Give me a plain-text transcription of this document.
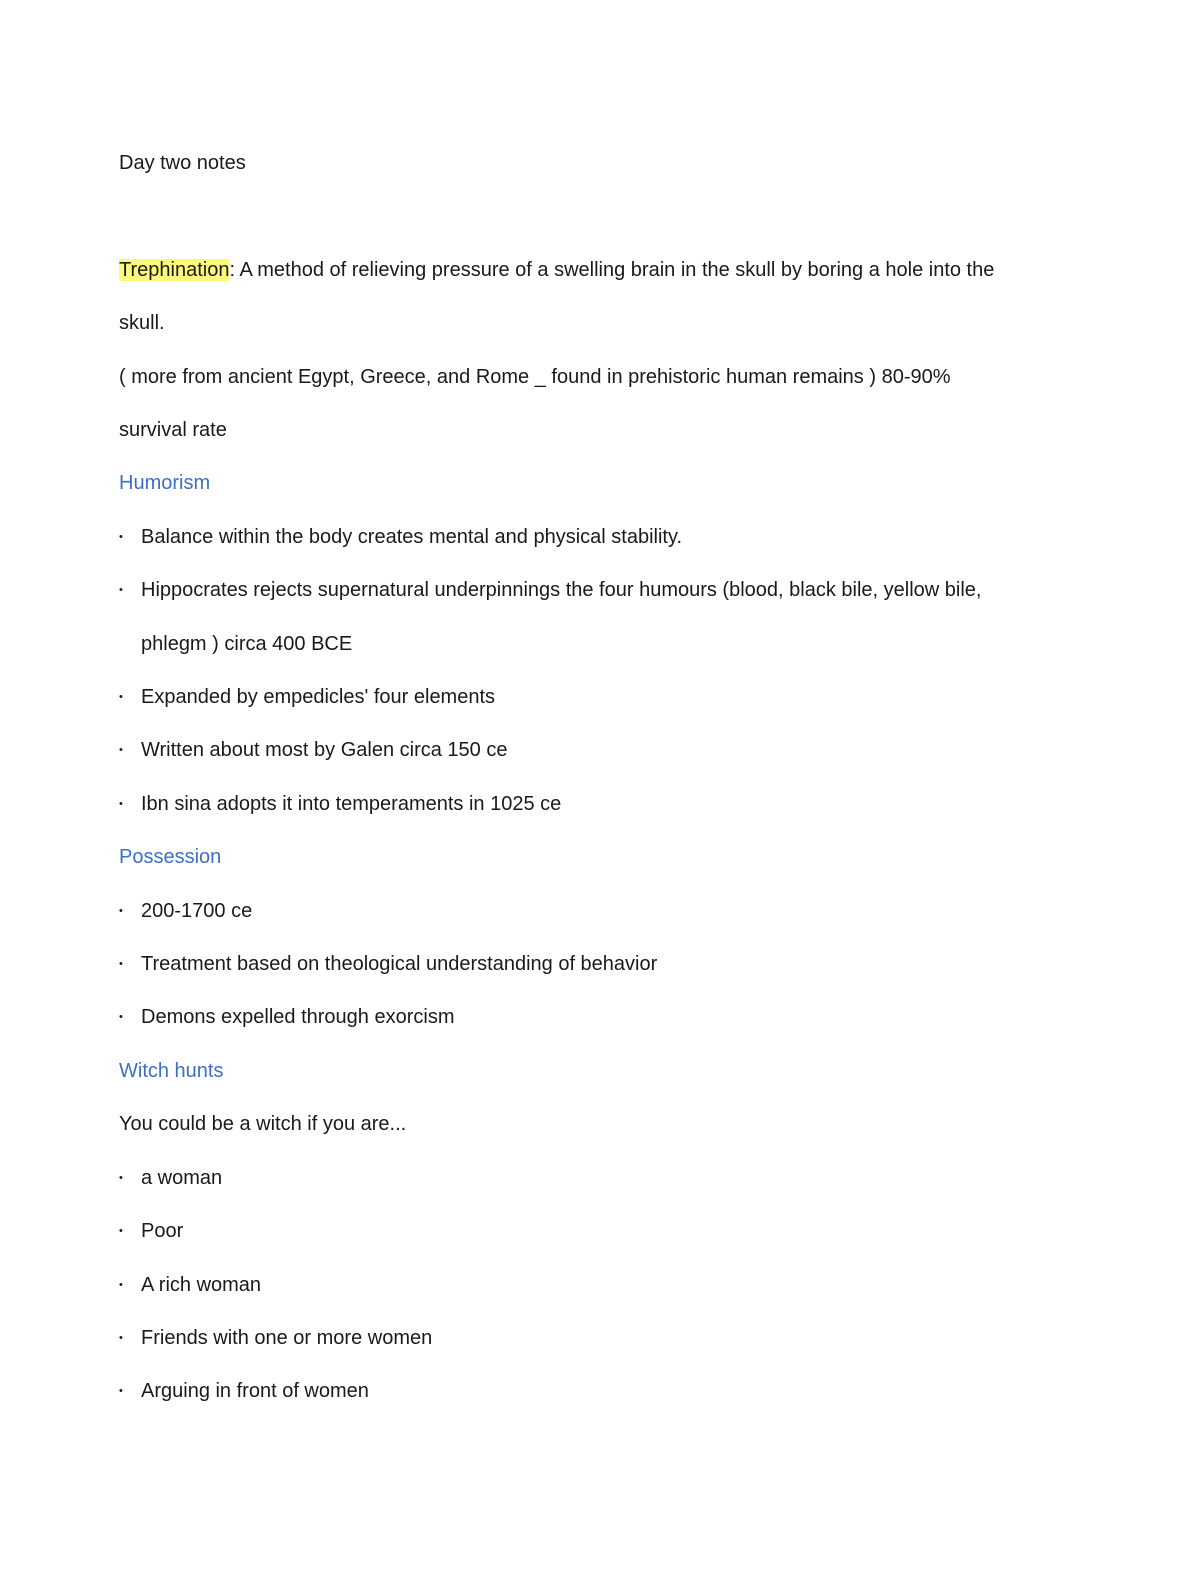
Day two notes

Trephination: A method of relieving pressure of a swelling brain in the skull by boring a hole into the

skull.

( more from ancient Egypt, Greece, and Rome _ found in prehistoric human remains ) 80-90%

survival rate

Humorism

• Balance within the body creates mental and physical stability.
• Hippocrates rejects supernatural underpinnings the four humours (blood, black bile, yellow bile,
phlegm ) circa 400 BCE
• Expanded by empedicles' four elements
• Written about most by Galen circa 150 ce
• Ibn sina adopts it into temperaments in 1025 ce

Possession

• 200-1700 ce
• Treatment based on theological understanding of behavior
• Demons expelled through exorcism

Witch hunts

You could be a witch if you are...

• a woman
• Poor
• A rich woman
• Friends with one or more women
• Arguing in front of women
